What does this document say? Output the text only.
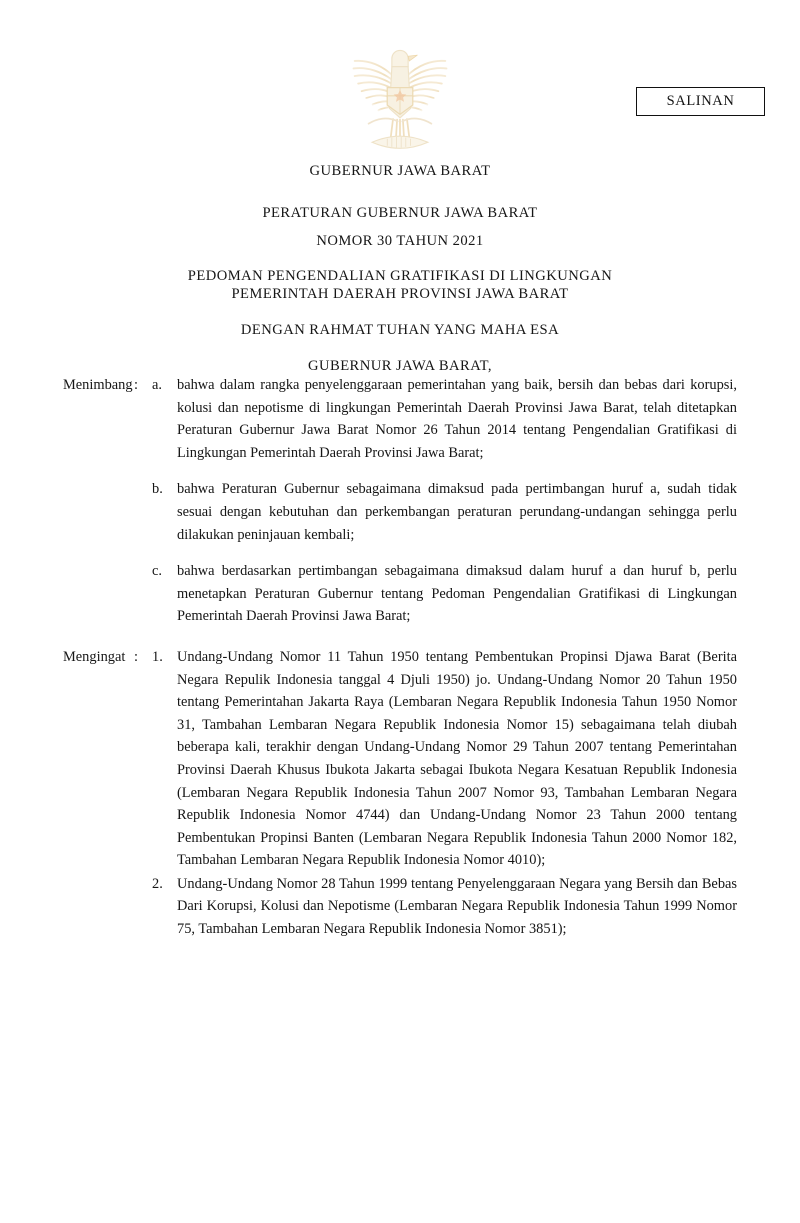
SALINAN
GUBERNUR JAWA BARAT
PERATURAN GUBERNUR JAWA BARAT
NOMOR 30 TAHUN 2021
PEDOMAN PENGENDALIAN GRATIFIKASI DI LINGKUNGAN
PEMERINTAH DAERAH PROVINSI JAWA BARAT
DENGAN RAHMAT TUHAN YANG MAHA ESA
GUBERNUR JAWA BARAT,
Menimbang : a.	bahwa dalam rangka penyelenggaraan pemerintahan yang baik, bersih dan bebas dari korupsi, kolusi dan nepotisme di lingkungan Pemerintah Daerah Provinsi Jawa Barat, telah ditetapkan Peraturan Gubernur Jawa Barat Nomor 26 Tahun 2014 tentang Pengendalian Gratifikasi di Lingkungan Pemerintah Daerah Provinsi Jawa Barat;
b. bahwa Peraturan Gubernur sebagaimana dimaksud pada pertimbangan huruf a, sudah tidak sesuai dengan kebutuhan dan perkembangan peraturan perundang-undangan sehingga perlu dilakukan peninjauan kembali;
c.	bahwa berdasarkan pertimbangan sebagaimana dimaksud dalam huruf a dan huruf b, perlu menetapkan Peraturan Gubernur tentang Pedoman Pengendalian Gratifikasi di Lingkungan Pemerintah Daerah Provinsi Jawa Barat;
Mengingat : 1. Undang-Undang Nomor 11 Tahun 1950 tentang Pembentukan Propinsi Djawa Barat (Berita Negara Repulik Indonesia tanggal 4 Djuli 1950) jo. Undang-Undang Nomor 20 Tahun 1950 tentang Pemerintahan Jakarta Raya (Lembaran Negara Republik Indonesia Tahun 1950 Nomor 31, Tambahan Lembaran Negara Republik Indonesia Nomor 15) sebagaimana telah diubah beberapa kali, terakhir dengan Undang-Undang Nomor 29 Tahun 2007 tentang Pemerintahan Provinsi Daerah Khusus Ibukota Jakarta sebagai Ibukota Negara Kesatuan Republik Indonesia (Lembaran Negara Republik Indonesia Tahun 2007 Nomor 93, Tambahan Lembaran Negara Republik Indonesia Nomor 4744) dan Undang-Undang Nomor 23 Tahun 2000 tentang Pembentukan Propinsi Banten (Lembaran Negara Republik Indonesia Tahun 2000 Nomor 182, Tambahan Lembaran Negara Republik Indonesia Nomor 4010);
2. Undang-Undang Nomor 28 Tahun 1999 tentang Penyelenggaraan Negara yang Bersih dan Bebas Dari Korupsi, Kolusi dan Nepotisme (Lembaran Negara Republik Indonesia Tahun 1999 Nomor 75, Tambahan Lembaran Negara Republik Indonesia Nomor 3851);
